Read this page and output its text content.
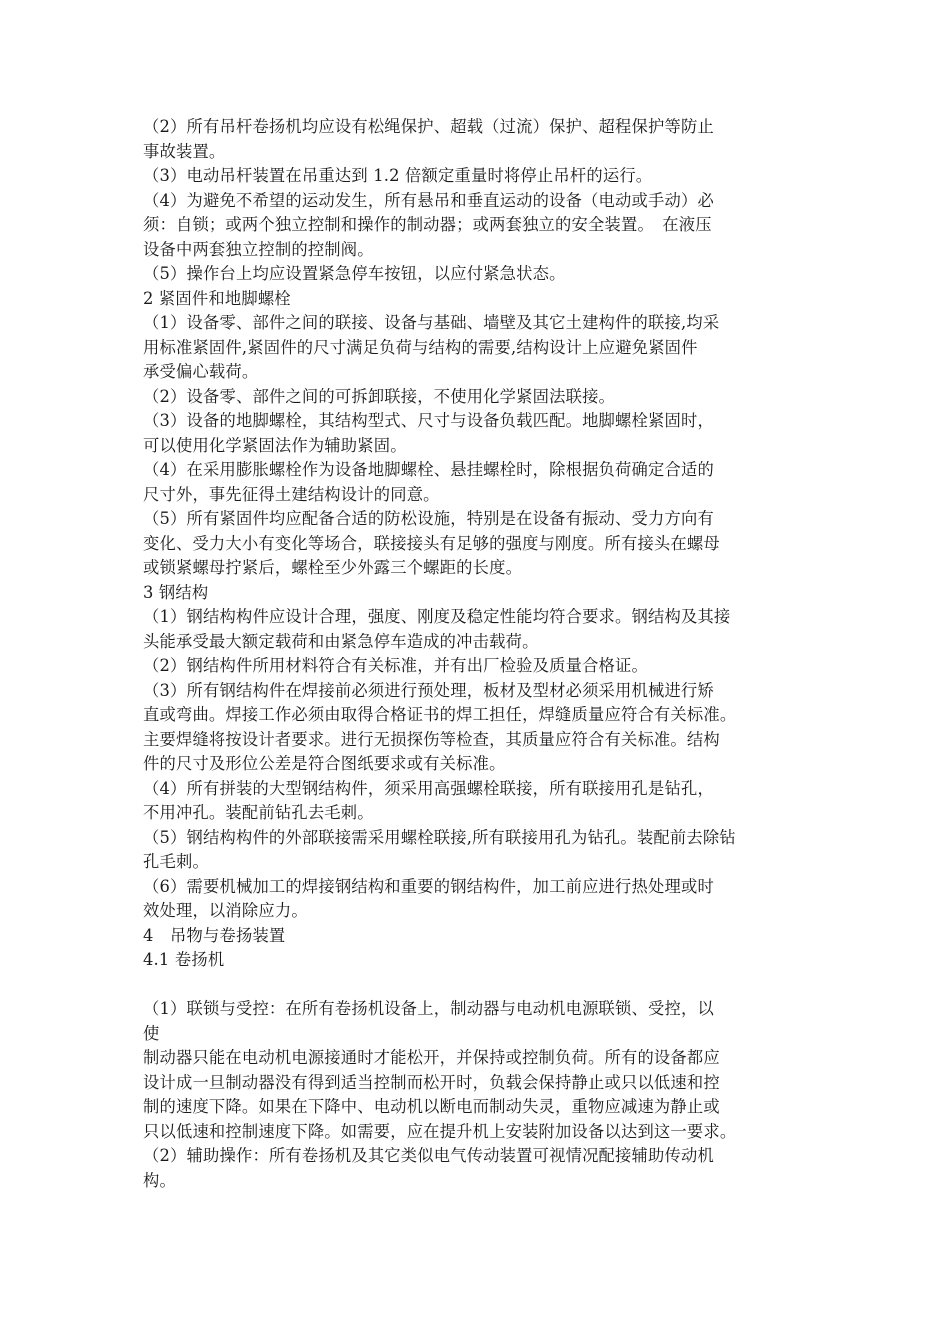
（2）所有吊杆卷扬机均应设有松绳保护、超载（过流）保护、超程保护等防止
事故装置。
（3）电动吊杆装置在吊重达到 1.2 倍额定重量时将停止吊杆的运行。
（4）为避免不希望的运动发生，所有悬吊和垂直运动的设备（电动或手动）必
须：自锁；或两个独立控制和操作的制动器；或两套独立的安全装置。　在液压
设备中两套独立控制的控制阀。
（5）操作台上均应设置紧急停车按钮，以应付紧急状态。
2 紧固件和地脚螺栓
（1）设备零、部件之间的联接、设备与基础、墙壁及其它土建构件的联接,均采
用标准紧固件,紧固件的尺寸满足负荷与结构的需要,结构设计上应避免紧固件
承受偏心载荷。
（2）设备零、部件之间的可拆卸联接，不使用化学紧固法联接。
（3）设备的地脚螺栓，其结构型式、尺寸与设备负载匹配。地脚螺栓紧固时，
可以使用化学紧固法作为辅助紧固。
（4）在采用膨胀螺栓作为设备地脚螺栓、悬挂螺栓时，除根据负荷确定合适的
尺寸外，事先征得土建结构设计的同意。
（5）所有紧固件均应配备合适的防松设施，特别是在设备有振动、受力方向有
变化、受力大小有变化等场合，联接接头有足够的强度与刚度。所有接头在螺母
或锁紧螺母拧紧后，螺栓至少外露三个螺距的长度。
3 钢结构
（1）钢结构构件应设计合理，强度、刚度及稳定性能均符合要求。钢结构及其接
头能承受最大额定载荷和由紧急停车造成的冲击载荷。
（2）钢结构件所用材料符合有关标准，并有出厂检验及质量合格证。
（3）所有钢结构件在焊接前必须进行预处理，板材及型材必须采用机械进行矫
直或弯曲。焊接工作必须由取得合格证书的焊工担任，焊缝质量应符合有关标准。
主要焊缝将按设计者要求。进行无损探伤等检查，其质量应符合有关标准。结构
件的尺寸及形位公差是符合图纸要求或有关标准。
（4）所有拼装的大型钢结构件，须采用高强螺栓联接，所有联接用孔是钻孔，
不用冲孔。装配前钻孔去毛刺。
（5）钢结构构件的外部联接需采用螺栓联接,所有联接用孔为钻孔。装配前去除钻
孔毛刺。
（6）需要机械加工的焊接钢结构和重要的钢结构件，加工前应进行热处理或时
效处理，以消除应力。
4　吊物与卷扬装置
4.1 卷扬机
（1）联锁与受控：在所有卷扬机设备上，制动器与电动机电源联锁、受控，以
使
制动器只能在电动机电源接通时才能松开，并保持或控制负荷。所有的设备都应
设计成一旦制动器没有得到适当控制而松开时，负载会保持静止或只以低速和控
制的速度下降。如果在下降中、电动机以断电而制动失灵，重物应减速为静止或
只以低速和控制速度下降。如需要，应在提升机上安装附加设备以达到这一要求。
（2）辅助操作：所有卷扬机及其它类似电气传动装置可视情况配接辅助传动机
构。
